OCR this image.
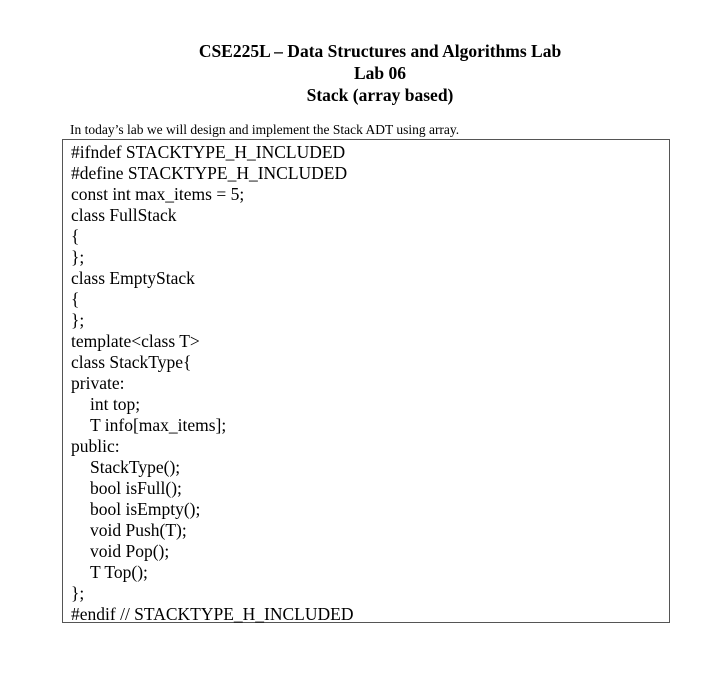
CSE225L – Data Structures and Algorithms Lab
Lab 06
Stack (array based)
In today’s lab we will design and implement the Stack ADT using array.
#ifndef STACKTYPE_H_INCLUDED
#define STACKTYPE_H_INCLUDED
const int max_items = 5;
class FullStack
{
};
class EmptyStack
{
};
template<class T>
class StackType{
private:
int top;
T info[max_items];
public:
StackType();
bool isFull();
bool isEmpty();
void Push(T);
void Pop();
T Top();
};
#endif // STACKTYPE_H_INCLUDED
